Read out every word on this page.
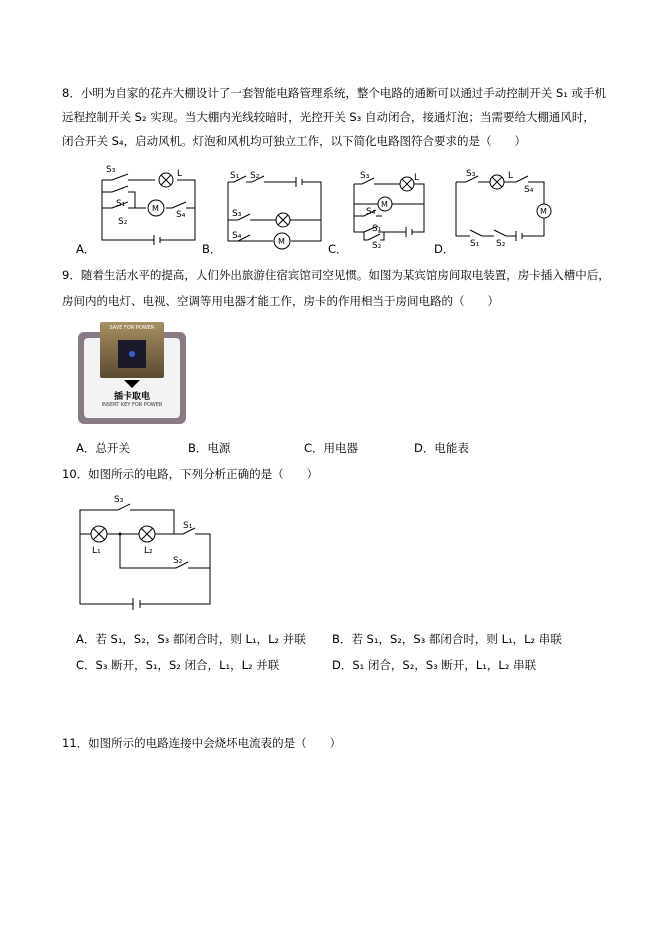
8．小明为自家的花卉大棚设计了一套智能电路管理系统，整个电路的通断可以通过手动控制开关 S₁ 或手机
远程控制开关 S₂ 实现。当大棚内光线较暗时，光控开关 S₃ 自动闭合，接通灯泡；当需要给大棚通风时，
闭合开关 S₄，启动风机。灯泡和风机均可独立工作，以下简化电路图符合要求的是（　　）
S₃	L
S₁
S₂
S₄
M
A．
S₁ S₂
S₃
S₄
M
B．
S₃	L
S₄
S₁
S₂
M
C．
S₃	L
S₄
S₁ S₂
M
D．
9．随着生活水平的提高，人们外出旅游住宿宾馆司空见惯。如图为某宾馆房间取电装置，房卡插入槽中后，
房间内的电灯、电视、空调等用电器才能工作，房卡的作用相当于房间电路的（　　）
SAVE FOR POWER
插卡取电
INSERT KEY FOR POWER
A．总开关	B．电源	C．用电器	D．电能表
10．如图所示的电路，下列分析正确的是（　　）
S₃
S₁
L₁	L₂
S₂
A．若 S₁，S₂，S₃ 都闭合时，则 L₁，L₂ 并联 B．若 S₁，S₂，S₃ 都闭合时，则 L₁，L₂ 串联
C．S₃ 断开，S₁，S₂ 闭合，L₁，L₂ 并联	D．S₁ 闭合，S₂，S₃ 断开，L₁，L₂ 串联
11．如图所示的电路连接中会烧坏电流表的是（　　）
